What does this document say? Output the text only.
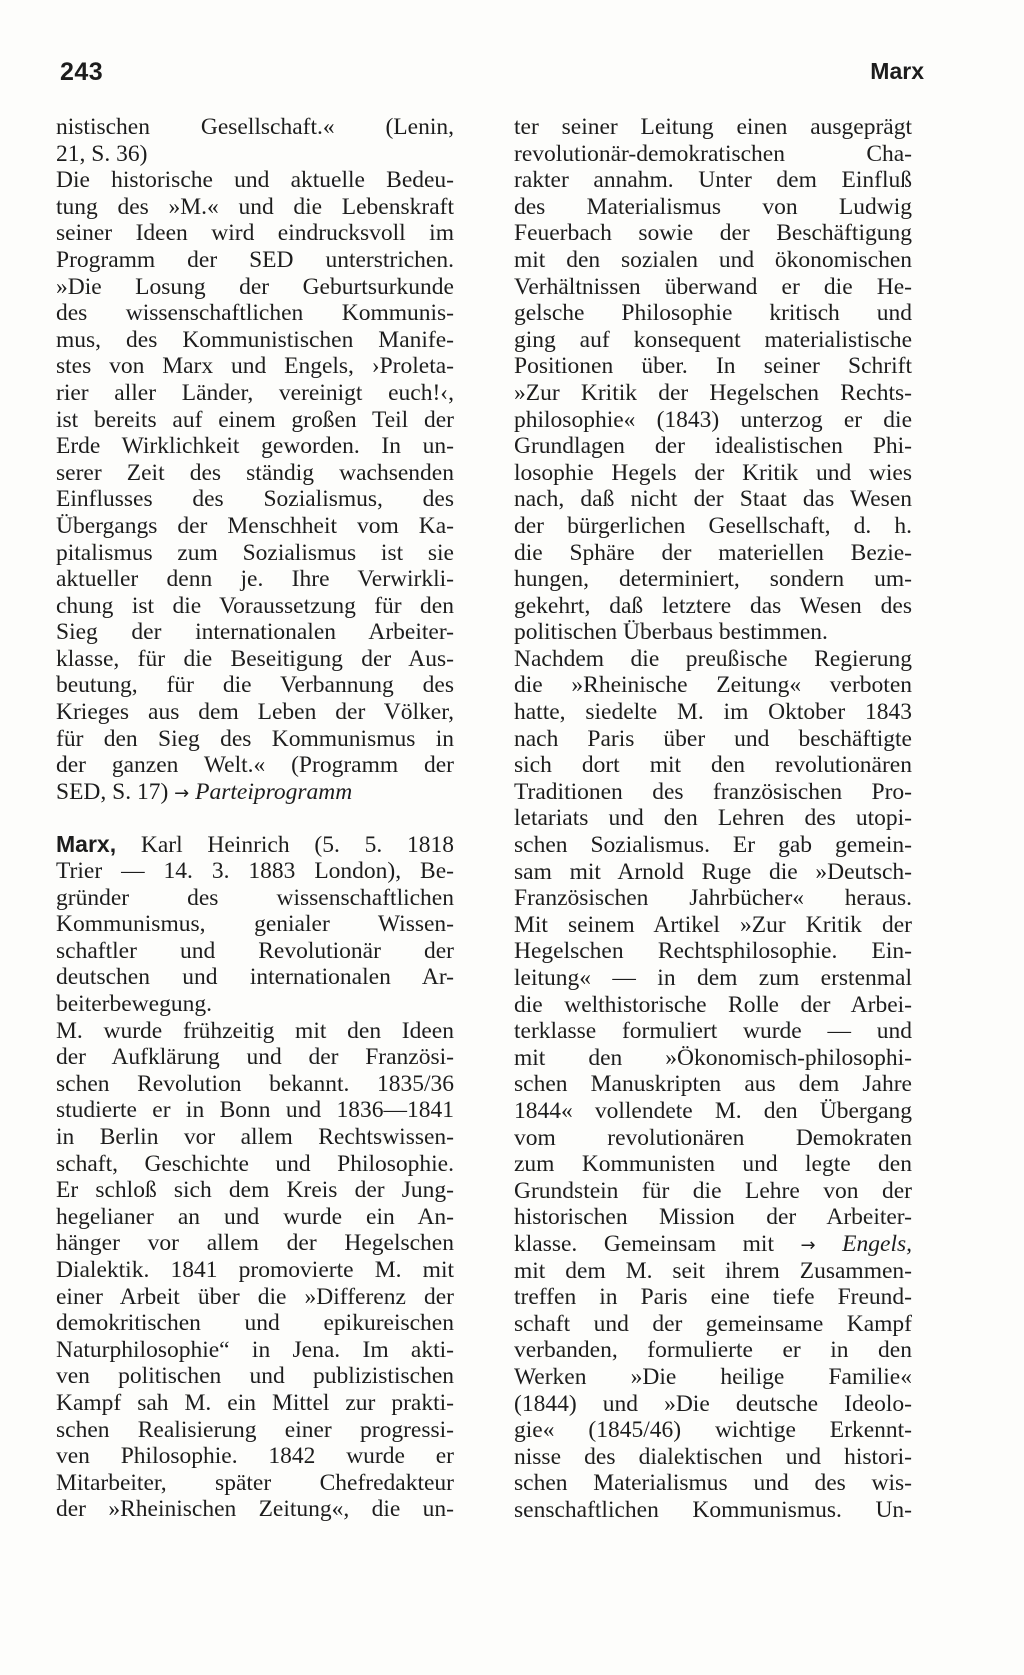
243	Marx
nistischen Gesellschaft.« (Lenin,
21, S. 36)
Die historische und aktuelle Bedeu-
tung des »M.« und die Lebenskraft
seiner Ideen wird eindrucksvoll im
Programm der SED unterstrichen.
»Die Losung der Geburtsurkunde
des wissenschaftlichen Kommunis-
mus, des Kommunistischen Manife-
stes von Marx und Engels, ›Proleta-
rier aller Länder, vereinigt euch!‹,
ist bereits auf einem großen Teil der
Erde Wirklichkeit geworden. In un-
serer Zeit des ständig wachsenden
Einflusses des Sozialismus, des
Übergangs der Menschheit vom Ka-
pitalismus zum Sozialismus ist sie
aktueller denn je. Ihre Verwirkli-
chung ist die Voraussetzung für den
Sieg der internationalen Arbeiter-
klasse, für die Beseitigung der Aus-
beutung, für die Verbannung des
Krieges aus dem Leben der Völker,
für den Sieg des Kommunismus in
der ganzen Welt.« (Programm der
SED, S. 17) → Parteiprogramm
Marx, Karl Heinrich (5. 5. 1818
Trier — 14. 3. 1883 London), Be-
gründer des wissenschaftlichen
Kommunismus, genialer Wissen-
schaftler und Revolutionär der
deutschen und internationalen Ar-
beiterbewegung.
M. wurde frühzeitig mit den Ideen
der Aufklärung und der Französi-
schen Revolution bekannt. 1835/36
studierte er in Bonn und 1836—1841
in Berlin vor allem Rechtswissen-
schaft, Geschichte und Philosophie.
Er schloß sich dem Kreis der Jung-
hegelianer an und wurde ein An-
hänger vor allem der Hegelschen
Dialektik. 1841 promovierte M. mit
einer Arbeit über die »Differenz der
demokritischen und epikureischen
Naturphilosophie“ in Jena. Im akti-
ven politischen und publizistischen
Kampf sah M. ein Mittel zur prakti-
schen Realisierung einer progressi-
ven Philosophie. 1842 wurde er
Mitarbeiter, später Chefredakteur
der »Rheinischen Zeitung«, die un-
ter seiner Leitung einen ausgeprägt
revolutionär-demokratischen Cha-
rakter annahm. Unter dem Einfluß
des Materialismus von Ludwig
Feuerbach sowie der Beschäftigung
mit den sozialen und ökonomischen
Verhältnissen überwand er die He-
gelsche Philosophie kritisch und
ging auf konsequent materialistische
Positionen über. In seiner Schrift
»Zur Kritik der Hegelschen Rechts-
philosophie« (1843) unterzog er die
Grundlagen der idealistischen Phi-
losophie Hegels der Kritik und wies
nach, daß nicht der Staat das Wesen
der bürgerlichen Gesellschaft, d. h.
die Sphäre der materiellen Bezie-
hungen, determiniert, sondern um-
gekehrt, daß letztere das Wesen des
politischen Überbaus bestimmen.
Nachdem die preußische Regierung
die »Rheinische Zeitung« verboten
hatte, siedelte M. im Oktober 1843
nach Paris über und beschäftigte
sich dort mit den revolutionären
Traditionen des französischen Pro-
letariats und den Lehren des utopi-
schen Sozialismus. Er gab gemein-
sam mit Arnold Ruge die »Deutsch-
Französischen Jahrbücher« heraus.
Mit seinem Artikel »Zur Kritik der
Hegelschen Rechtsphilosophie. Ein-
leitung« — in dem zum erstenmal
die welthistorische Rolle der Arbei-
terklasse formuliert wurde — und
mit den »Ökonomisch-philosophi-
schen Manuskripten aus dem Jahre
1844« vollendete M. den Übergang
vom revolutionären Demokraten
zum Kommunisten und legte den
Grundstein für die Lehre von der
historischen Mission der Arbeiter-
klasse. Gemeinsam mit → Engels,
mit dem M. seit ihrem Zusammen-
treffen in Paris eine tiefe Freund-
schaft und der gemeinsame Kampf
verbanden, formulierte er in den
Werken »Die heilige Familie«
(1844) und »Die deutsche Ideolo-
gie« (1845/46) wichtige Erkennt-
nisse des dialektischen und histori-
schen Materialismus und des wis-
senschaftlichen Kommunismus. Un-
